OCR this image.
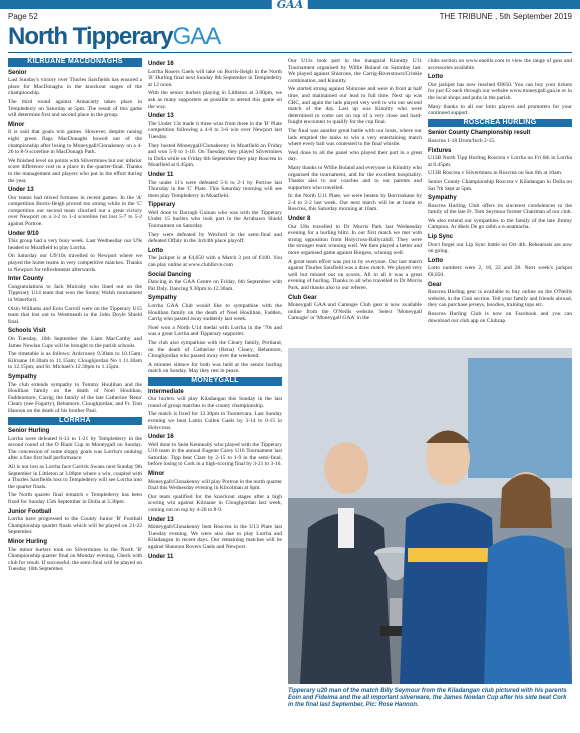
GAA
Page 52	THE TRIBUNE , 5th September 2019
North TipperaryGAA
KILRUANE MACDONAGHS
Senior

Last Sunday's victory over Thurles Sarsfields has ensured a place for MacDonaghs in the knockout stages of the championship.

The third round against Annacarty takes place in Templederry on Saturday at 5pm. The result of this game will determine first and second place in the group.

Minor

It is said that goals win games. However, despite raising eight green flags MacDonaghs bowed out of the championship after losing to Moneygall/Clonakenny on a 4-26 to 8-9 scoreline in MacDonagh Park.

We finished level on points with Silvermines but our inferior score difference cost us a place in the quarter-final. Thanks to the management and players who put in the effort during the year.

Under 13

Our teams had mixed fortunes in recent games. In the 'A' competition Borris-Ileigh proved too strong while in the 'C' competition our second team clinched out a great victory over Newport on a 3-2 to 1-4 scoreline but lost 5-7 to 5-2 against Portroe.

Under 9/10

This group had a very busy week. Last Wednesday our U9s headed to Moatfield to play Lorrha.

On Saturday our U9/10s travelled to Newport where we played the home teams in very competitive matches. Thanks to Newport for refreshments afterwards.

Inter County

Congratulations to Jack Mulcahy who lined out on the Tipperary U14 team that won the Sonny Walsh tournament in Waterford.

Oisin Williams and Eoin Carroll were on the Tipperary U15 team that lost out to Westmeath in the John Doyle Shield final.

Schools Visit

On Tuesday, 10th September the Liam MacCarthy and James Nowlan Cups will be brought to the parish schools.

The timetable is as follows: Ardcroney 9.30am to 10.15am; Kilruane 10.30am to 11.15am; Cloughjordan No 1 11.30am to 12.15pm; and St. Michael's 12.30pm to 1.15pm.

Sympathy

The club extends sympathy to Tommy Houlihan and the Houlihan family on the death of Noel Houlihan, Faddenmore, Carrig; the family of the late Catherine 'Rena' Cleary (nee Fogarty), Behamore, Cloughjordan; and Fr. Tom Hannon on the death of his brother Paul.

LORRHA
Senior Hurling

Lorrha were defeated 6-13 to 1-21 by Templederry in the second round of the O Riain Cup in Moneygall on Sunday. The concession of some sloppy goals was Lorrha's undoing after a fine first half performance.

All is not lost as Lorrha face Carrick Swans next Sunday 9th September in Littleton at 3.00pm where a win, coupled with a Thurles Sarsfields loss to Templederry will see Lorrha into the quarter finals.

The North quarter final rematch v Templederry has been fixed for Sunday 15th September in Dolla at 3.30pm.

Junior Football

Lorrha have progressed to the County Junior 'B' Football Championship quarter finals which will be played on 21-22 September.

Minor Hurling

The minor hurlers took on Silvermines in the North 'B' Championship quarter final on Monday evening. Check with club for result. If successful, the semi-final will be played on Tuesday 10th September.

Under 16

Lorrha Rosers Gaels will take on Borris-Ileigh in the North 'B' Hurling final next Sunday 8th September in Templederry at 12 noon.

With the senior hurlers playing in Littleton at 3.00pm, we ask as many supporters as possible to attend this game on the way.

Under 13

The Under 13s made it three wins from three in the 'B' Plate competition following a 4-8 to 3-6 win over Newport last Tuesday.

They hosted Moneygall/Clonakenny in Moatfield on Friday and won 5-9 to 1-10. On Tuesday, they played Silvermines in Dolla while on Friday 6th September they play Roscrea in Moatfield at 6.45pm.

Under 11

The under 11's were defeated 5-6 to 2-1 by Portroe last Thursday in the 'C' Plate. This Saturday morning will see them play Templederry in Moatfield.

Tipperary

Well done to Darragh Guinan who was with the Tipperary Under 15 hurlers who took part in the Arrabawn Shield Tournament on Saturday.

They were defeated by Wexford in the semi-final and defeated Offaly in the 3rd/4th place playoff.

Lotto

The jackpot is at €4,650 with a Match 3 pot of €100. You can play online at www.clubforce.com

Social Dancing

Dancing in the GAA Centre on Friday, 6th September with Pat Daly. Dancing 9.30pm to 12.30am.

Sympathy

Lorrha GAA Club would like to sympathise with the Houlihan family on the death of Noel Houlihan, Fadden, Carrig who passed away suddenly last week.

Noel won a North U14 medal with Lorrha in the '70s and was a great Lorrha and Tipperary supporter.

The club also sympathise with the Cleary family, Portland, on the death of Catherine (Rena) Cleary, Behamore, Cloughjordan who passed away over the weekend.

A minutes silence for both was held at the senior hurling match on Sunday. May they rest in peace.

MONEYGALL
Intermediate

Our hurlers will play Kiladangan this Sunday in the last round of group matches in the county championship.

The match is fixed for 12.30pm in Toomevara. Last Sunday evening we beat Lattin Cullen Gaels by 3-14 to 0-15 in Holycross.

Under 16

Well done to Seán Kenneally who played with the Tipperary U16 team in the annual Eugene Carey U16 Tournament last Saturday. Tipp beat Clare by 2-15 to 1-9 in the semi-final, before losing to Cork in a high-scoring final by 3-21 to 3-16.

Minor

Moneygall/Clonakenny will play Portroe in the north quarter final this Wednesday evening in Kilcolman at 6pm.

Our team qualified for the knockout stages after a high scoring win against Kilruane in Cloughjordan last week, coming out on top by 4-26 to 8-9.

Under 13

Moneygall/Clonakenny beat Roscrea in the U13 Plate last Tuesday evening. We were also due to play Lorrha and Kiladangan in recent days. Our remaining matches will be against Shannon Rovers Gaels and Newport.

Under 11

Our U11s took part in the inaugural Kinnitty U11 Tournament organised by Willie Boland on Saturday last. We played against Shinrone, the Carrig-Riverstown/Crinkle combination, and Kinnitty.

We started strong against Shinrone and were in front at half time, and maintained our lead to full time. Next up was CRC, and again the lads played very well to win our second match of the day. Last up was Kinnitty who were determined to come out on top of a very close and hard-fought encounter to qualify for the cup final.

The final was another great battle with our hosts, where our lads emptied the tanks to win a very entertaining match where every ball was contested to the final whistle.

Well done to all the panel who played their part in a great day.

Many thanks to Willie Boland and everyone in Kinnitty who organised the tournament, and for the excellent hospitality. Thanks also to our coaches and to our parents and supporters who travelled.

In the North U11 Plate, we were beaten by Borrisokane by 2-4 to 2-2 last week. Our next match will be at home to Roscrea, this Saturday morning at 10am.

Under 8

Our U8s travelled to Dr Morris Park last Wednesday evening for a hurling blitz. In our first match we met with strong opposition from Holycross-Ballycahill. They were the stronger team winning well. We then played a better and more organised game against Burgess, winning well.

A great team effort was put in by everyone. Our last match against Thurles Sarsfield was a draw match. We played very well but missed out on scores. All in all it was a great evening of hurling. Thanks to all who travelled to Dr Morris Park, and thanks also to our referee.

Club Gear

Moneygall GAA and Camogie Club gear is now available online from the O'Neills website. Select 'Moneygall Camogie' or 'Moneygall GAA' in the

clubs section on www.oneills.com to view the range of gear and accessories available.

Lotto

Our jackpot has now reached €8650. You can buy your tickets for just €2 each through our website www.moneygall.gaa.ie or in the local shops and pubs in the parish.

Many thanks to all our lotto players and promoters for your continued support.

ROSCREA HURLING
Senior County Championship result

Roscrea 1-18 Drom/Inch 2-15.

Fixtures

U13B North Tipp Hurling Roscrea v Lorrha on Fri 6th in Lorrha at 6.45pm.

U13B Roscrea v Silvermines in Roscrea on Sun 8th at 10am.

Senior County Championship Roscrea v Kiladangan in Dolla on Sat 7th Sept at 5pm.

Sympathy

Roscrea Hurling Club offers its sincerest condolences to the family of the late Fr. Tom Seymour former Chairman of our club.

We also extend our sympathies to the family of the late Jimmy Campion. Ar dheis De go raibh a n-anamacha.

Lip Sync

Don't forget our Lip Sync battle on Oct 4th. Rehearsals are now on going.

Lotto

Lotto numbers were 2, 18, 22 and 28. Next week's jackpot €8,050.

Gear

Roscrea Hurling gear is available to buy online on the O'Neills website, in the Club section. Tell your family and friends abroad, they can purchase jerseys, hoodies, training tops etc.

Roscrea Hurling Club is now on Facebook and you can download our club app on Clubzap.

Tipperary u20 man of the match Billy Seymour from the Kiladangan club pictured with his parents Eoin and Fideima and the all important silverware, the James Nowlan Cup after his side beat Cork in the final last September, Pic: Rose Hannon.
